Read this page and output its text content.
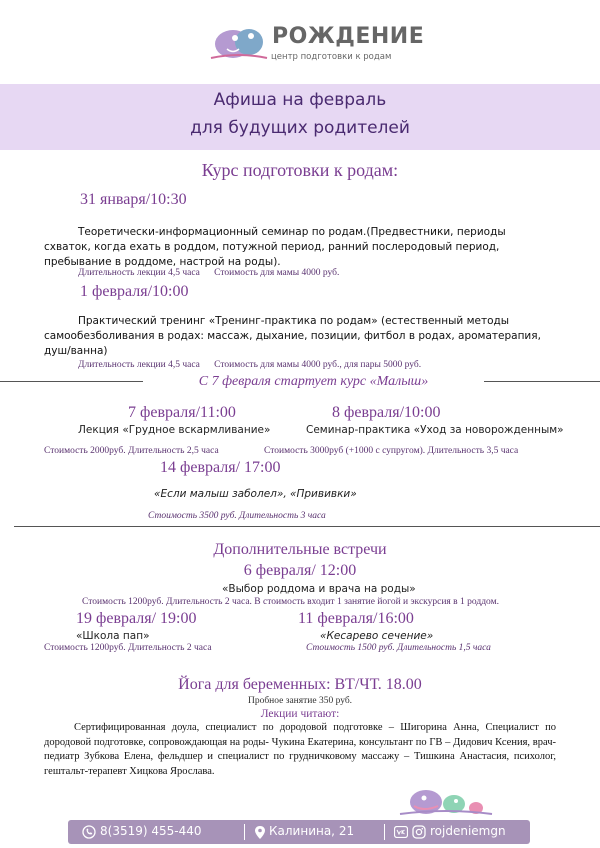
РОЖДЕНИЕ
центр подготовки к родам
Афиша на февраль
для будущих родителей
Курс подготовки к родам:
31 января/10:30
Теоретически-информационный семинар по родам.(Предвестники, периоды схваток, когда ехать в роддом, потужной период, ранний послеродовый период, пребывание в роддоме, настрой на роды).
Длительность лекции 4,5 часа      Стоимость для мамы 4000 руб.
1 февраля/10:00
Практический тренинг «Тренинг-практика по родам» (естественный методы самообезболивания в родах: массаж, дыхание, позиции, фитбол в родах, ароматерапия, душ/ванна)
Длительность лекции 4,5 часа      Стоимость для мамы 4000 руб., для пары 5000 руб.
С 7 февраля стартует курс «Малыш»
7 февраля/11:00
Лекция «Грудное вскармливание»
Стоимость 2000руб. Длительность 2,5 часа
8 февраля/10:00
Семинар-практика «Уход за новорожденным»
Стоимость 3000руб (+1000 с супругом). Длительность 3,5 часа
14 февраля/ 17:00
«Если малыш заболел», «Прививки»
Стоимость 3500 руб. Длительность 3 часа
Дополнительные встречи
6 февраля/ 12:00
«Выбор роддома и врача на роды»
Стоимость 1200руб. Длительность 2 часа. В стоимость входит 1 занятие йогой и экскурсия в 1 роддом.
19 февраля/ 19:00
«Школа пап»
Стоимость 1200руб. Длительность 2 часа
11 февраля/16:00
«Кесарево сечение»
Стоимость 1500 руб. Длительность 1,5 часа
Йога для беременных: ВТ/ЧТ. 18.00
Пробное занятие 350 руб.
Лекции читают:
Сертифицированная доула, специалист по дородовой подготовке – Шигорина Анна, Специалист по дородовой подготовке, сопровождающая на роды- Чукина Екатерина, консультант по ГВ – Дидович Ксения, врач-педиатр Зубкова Елена, фельдшер и специалист по грудничковому массажу – Тишкина Анастасия, психолог, гештальт-терапевт Хицкова Ярослава.
8(3519) 455-440	Калинина, 21	rojdeniemgn
